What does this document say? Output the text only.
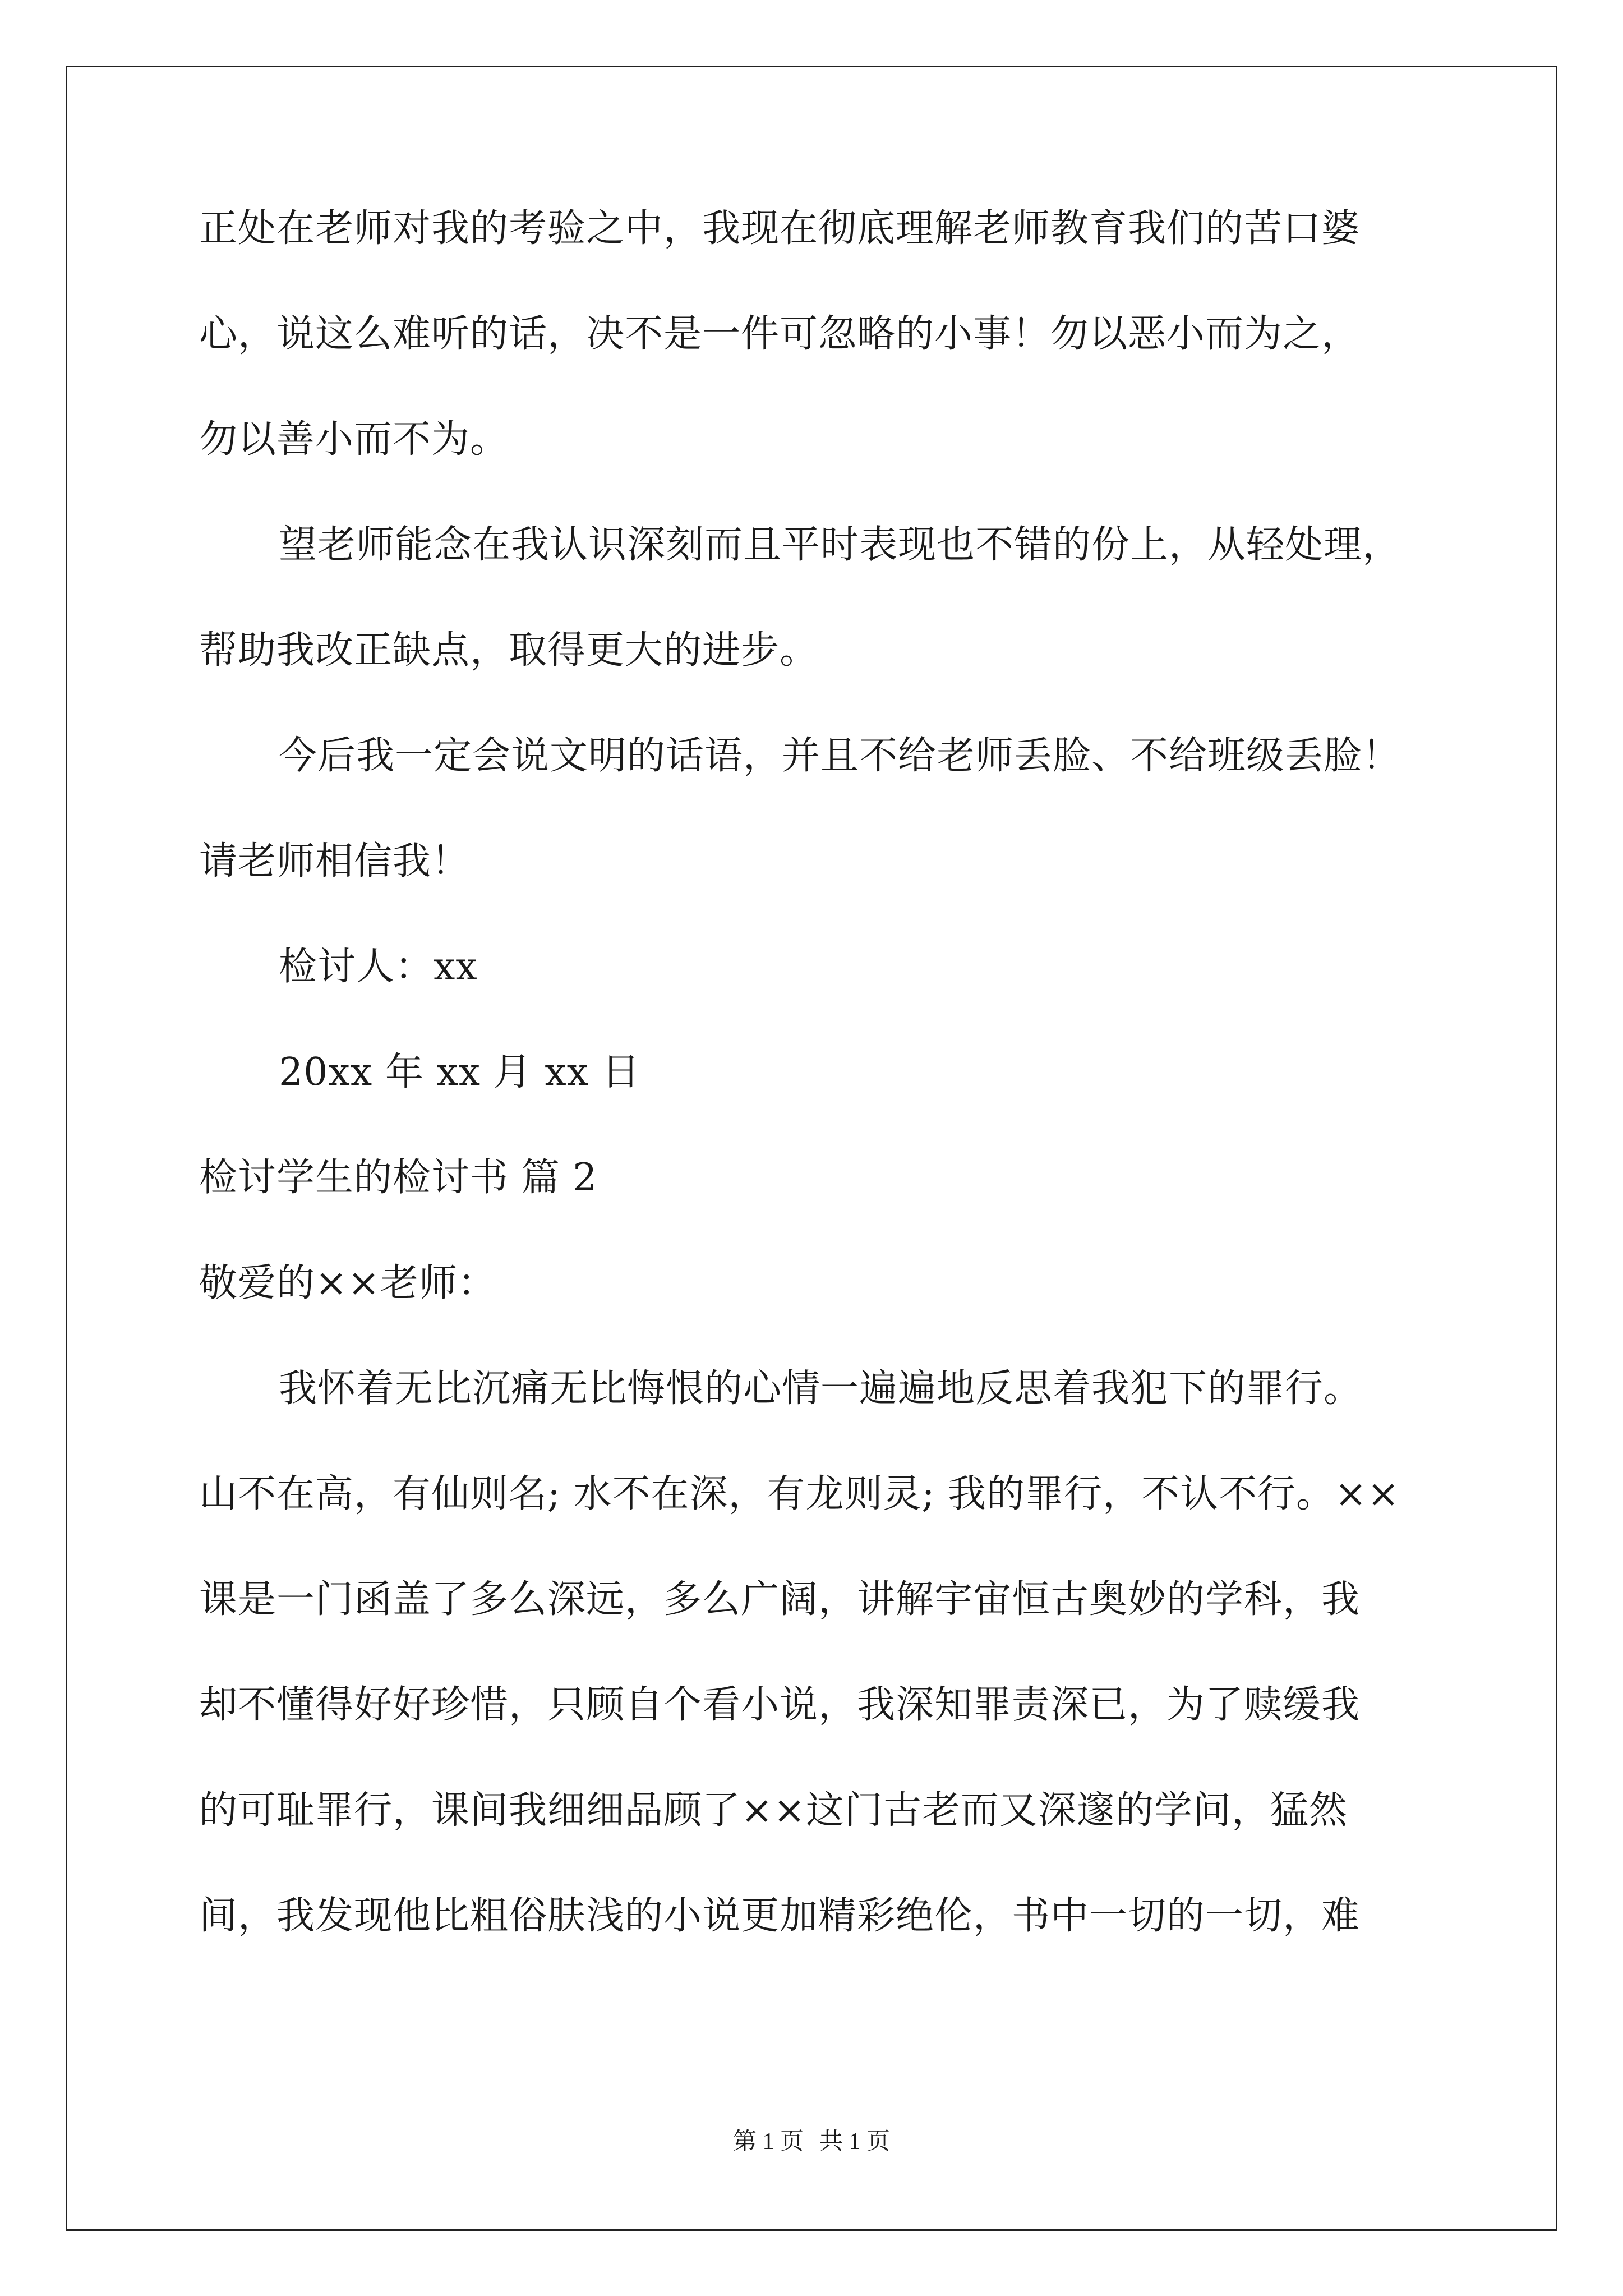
正处在老师对我的考验之中，我现在彻底理解老师教育我们的苦口婆
心，说这么难听的话，决不是一件可忽略的小事！勿以恶小而为之，
勿以善小而不为。
望老师能念在我认识深刻而且平时表现也不错的份上，从轻处理，
帮助我改正缺点，取得更大的进步。
今后我一定会说文明的话语，并且不给老师丢脸、不给班级丢脸！
请老师相信我！
检讨人：xx
20xx 年 xx 月 xx 日
检讨学生的检讨书 篇 2
敬爱的××老师：
我怀着无比沉痛无比悔恨的心情一遍遍地反思着我犯下的罪行。
山不在高，有仙则名; 水不在深，有龙则灵; 我的罪行，不认不行。××
课是一门函盖了多么深远，多么广阔，讲解宇宙恒古奥妙的学科，我
却不懂得好好珍惜，只顾自个看小说，我深知罪责深已，为了赎缓我
的可耻罪行，课间我细细品顾了××这门古老而又深邃的学问，猛然
间，我发现他比粗俗肤浅的小说更加精彩绝伦，书中一切的一切，难
第 1 页 共 1 页
